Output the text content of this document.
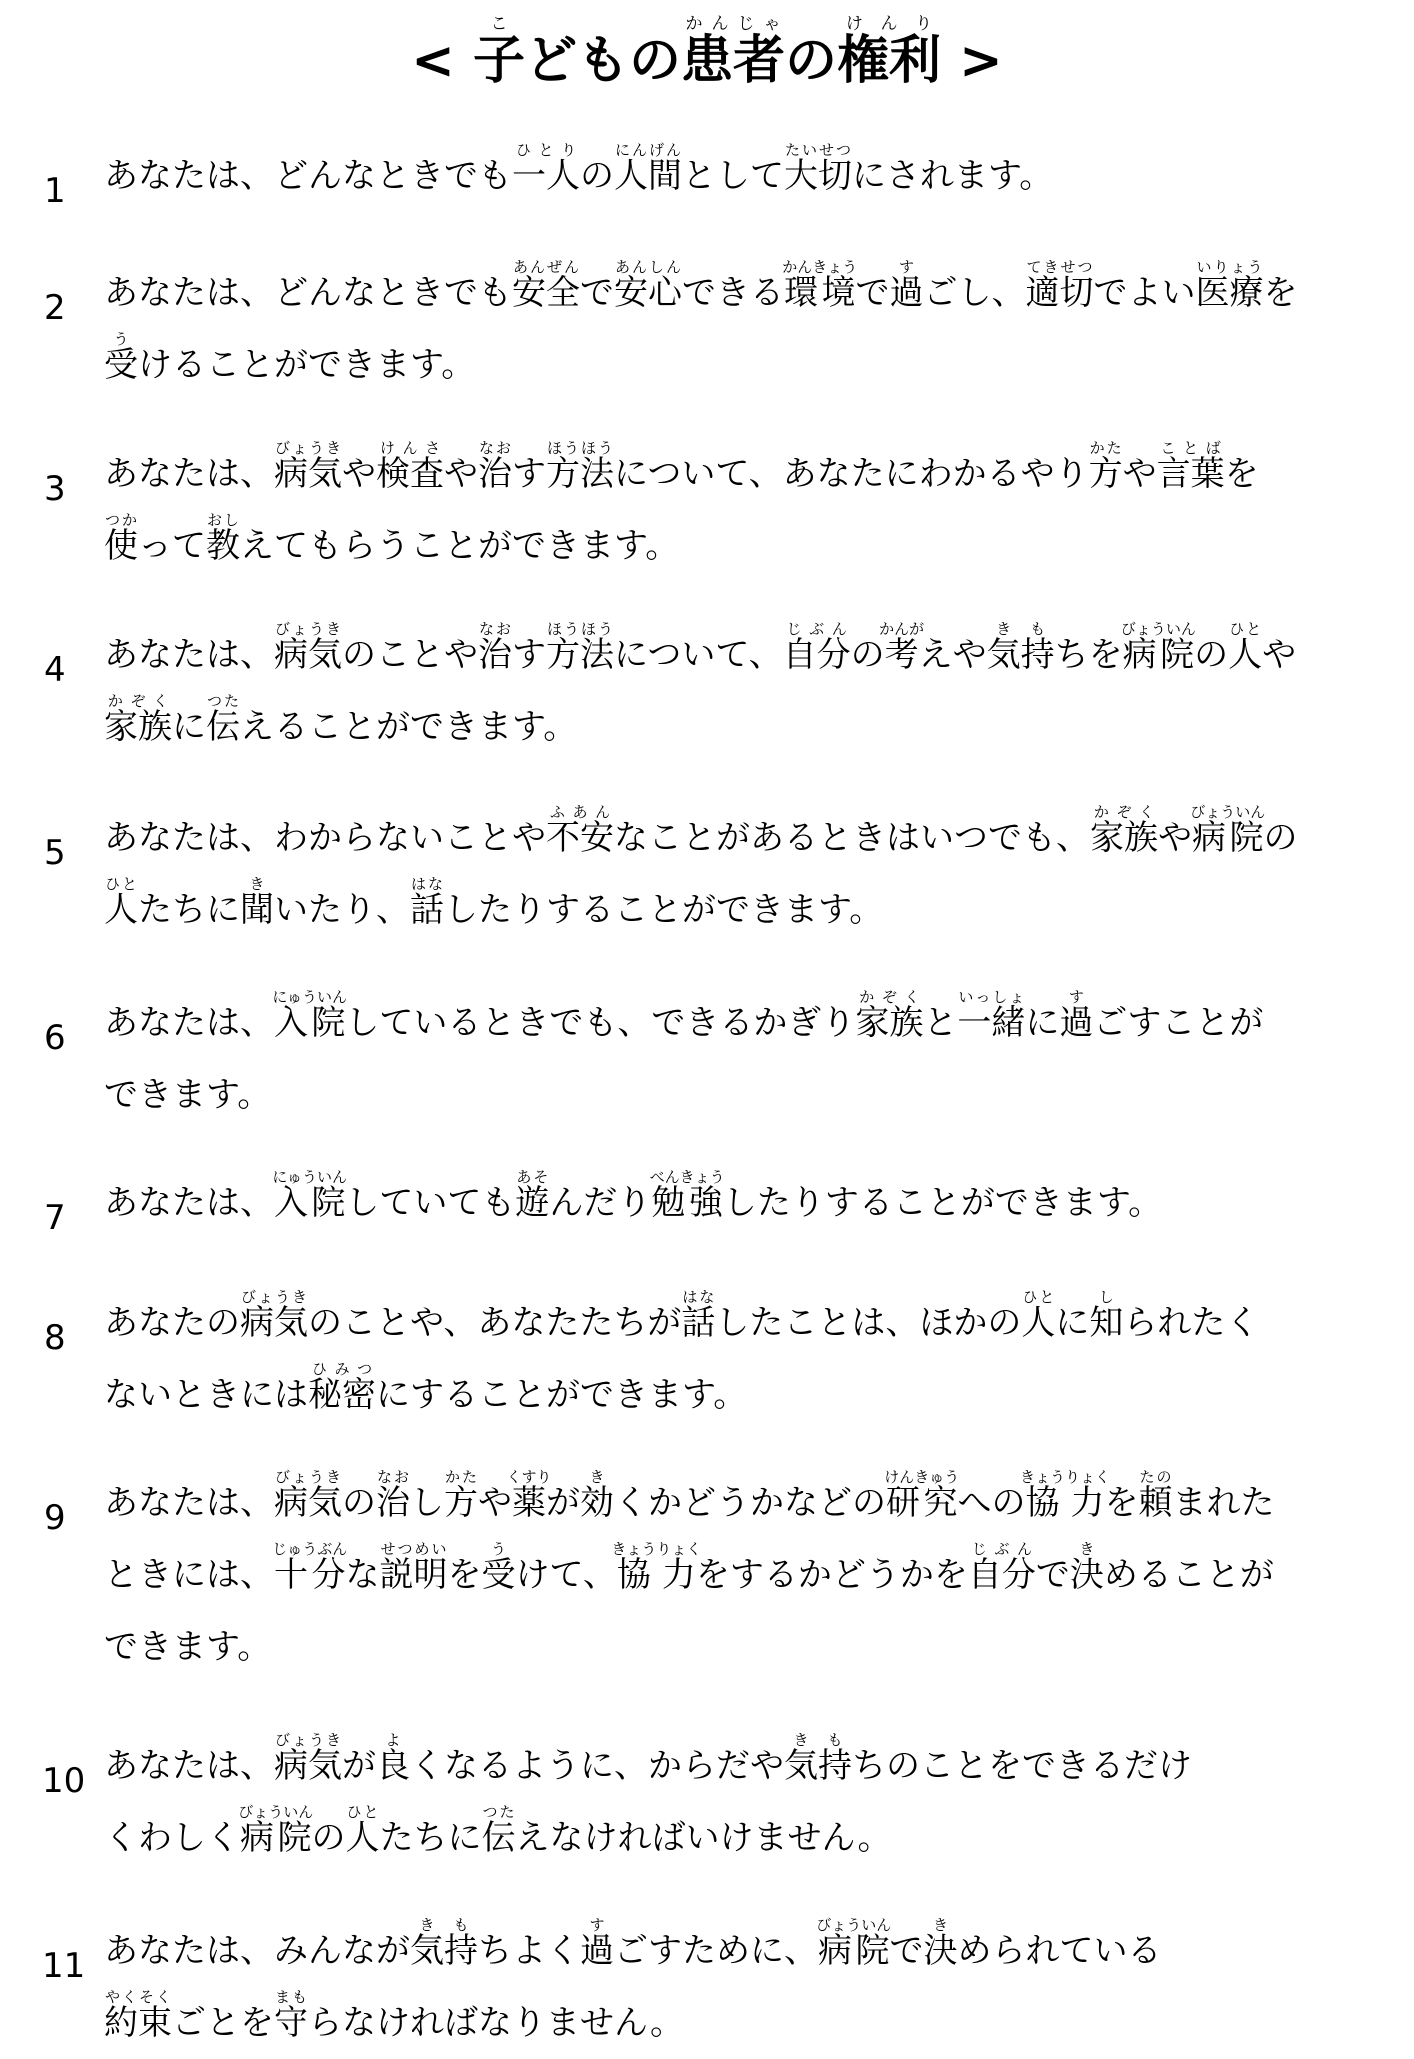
< 子こどもの患者かんじゃの権利けんり >
1	あなたは、どんなときでも一人ひとりの人間にんげんとして大切たいせつにされます。
2	あなたは、どんなときでも安全あんぜんで安心あんしんできる環境かんきょうで過すごし、適切てきせつでよい医療いりょうを
受うけることができます。
3	あなたは、病気びょうきや検査けんさや治なおす方法ほうほうについて、あなたにわかるやり方かたや言葉ことばを
使つかって教おしえてもらうことができます。
4	あなたは、病気びょうきのことや治なおす方法ほうほうについて、自分じぶんの考かんがえや気持きもちを病院びょういんの人ひとや
家族かぞくに伝つたえることができます。
5	あなたは、わからないことや不安ふあんなことがあるときはいつでも、家族かぞくや病院びょういんの
人ひとたちに聞きいたり、話はなしたりすることができます。
6	あなたは、入院にゅういんしているときでも、できるかぎり家族かぞくと一緒いっしょに過すごすことが
できます。
7	あなたは、入院にゅういんしていても遊あそんだり勉強べんきょうしたりすることができます。
8	あなたの病気びょうきのことや、あなたたちが話はなしたことは、ほかの人ひとに知しられたく
ないときには秘密ひみつにすることができます。
9	あなたは、病気びょうきの治なおし方かたや薬くすりが効きくかどうかなどの研究けんきゅうへの協力きょうりょくを頼たのまれた
ときには、十分じゅうぶんな説明せつめいを受うけて、協力きょうりょくをするかどうかを自分じぶんで決きめることが
できます。
10 あなたは、病気びょうきが良よくなるように、からだや気持きもちのことをできるだけ
くわしく病院びょういんの人ひとたちに伝つたえなければいけません。
11 あなたは、みんなが気持きもちよく過すごすために、病院びょういんで決きめられている
約束やくそくごとを守まもらなければなりません。
